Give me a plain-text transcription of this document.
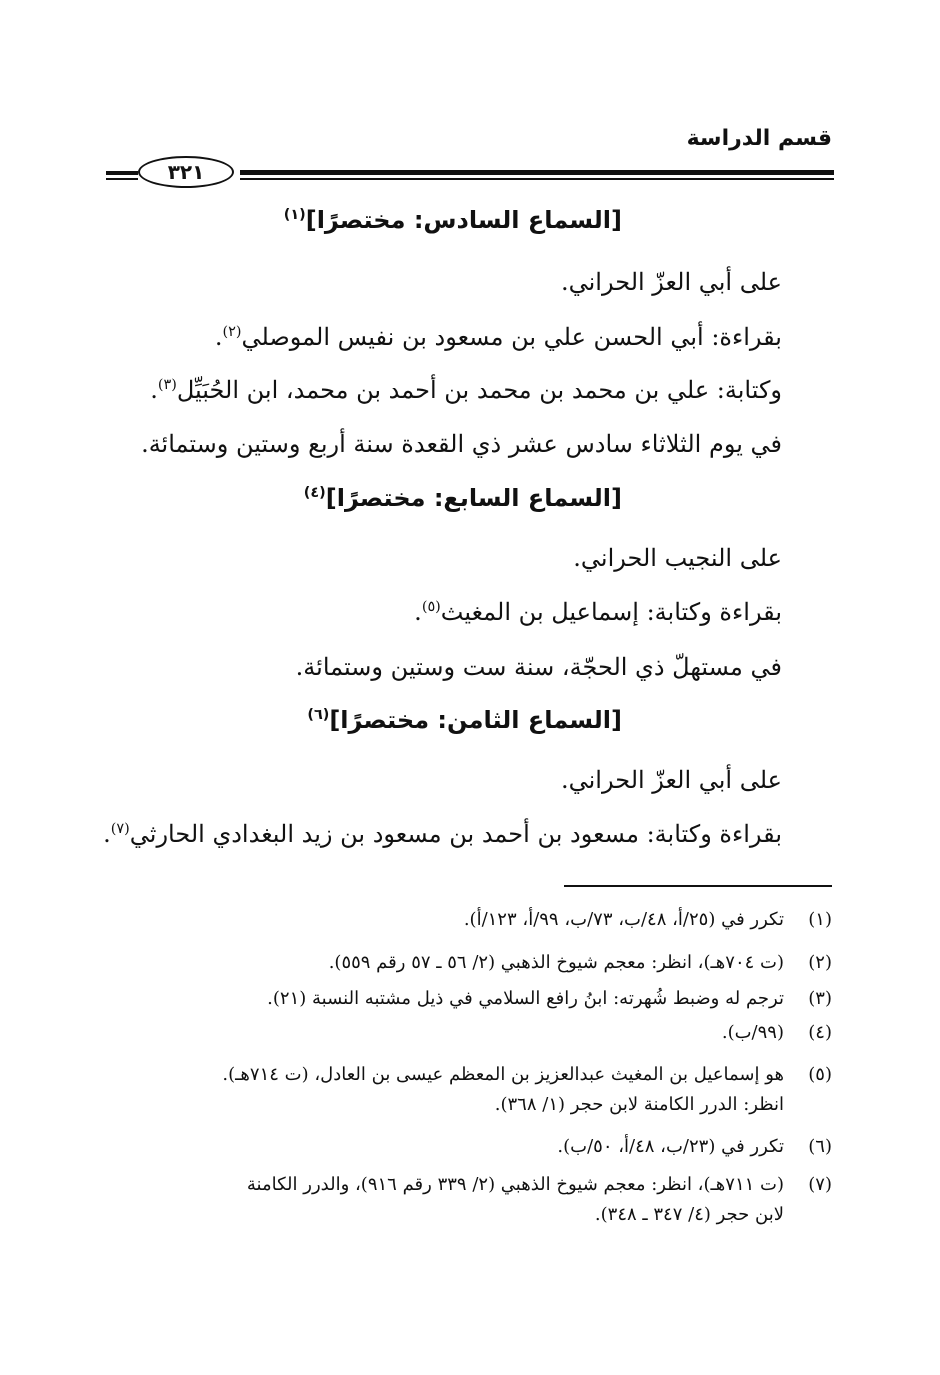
قسم الدراسة
٣٢١
[السماع السادس: مختصرًا]$^{(١)}$
على أبي العزّ الحراني.
بقراءة: أبي الحسن علي بن مسعود بن نفيس الموصلي$^{(٢)}$.
وكتابة: علي بن محمد بن محمد بن أحمد بن محمد، ابن الحُبَيِّل$^{(٣)}$.
في يوم الثلاثاء سادس عشر ذي القعدة سنة أربع وستين وستمائة.
[السماع السابع: مختصرًا]$^{(٤)}$
على النجيب الحراني.
بقراءة وكتابة: إسماعيل بن المغيث$^{(٥)}$.
في مستهلّ ذي الحجّة، سنة ست وستين وستمائة.
[السماع الثامن: مختصرًا]$^{(٦)}$
على أبي العزّ الحراني.
بقراءة وكتابة: مسعود بن أحمد بن مسعود بن زيد البغدادي الحارثي$^{(٧)}$.
(١)
تكرر في (٢٥/أ، ٤٨/ب، ٧٣/ب، ٩٩/أ، ١٢٣/أ).
(٢)
(ت ٧٠٤هـ)، انظر: معجم شيوخ الذهبي (٢/ ٥٦ ـ ٥٧ رقم ٥٥٩).
(٣)
ترجم له وضبط شُهرته: ابنُ رافع السلامي في ذيل مشتبه النسبة (٢١).
(٤)
(٩٩/ب).
(٥)
هو إسماعيل بن المغيث عبدالعزيز بن المعظم عيسى بن العادل، (ت ٧١٤هـ).
انظر: الدرر الكامنة لابن حجر (١/ ٣٦٨).
(٦)
تكرر في (٢٣/ب، ٤٨/أ، ٥٠/ب).
(٧)
(ت ٧١١هـ)، انظر: معجم شيوخ الذهبي (٢/ ٣٣٩ رقم ٩١٦)، والدرر الكامنة
لابن حجر (٤/ ٣٤٧ ـ ٣٤٨).
